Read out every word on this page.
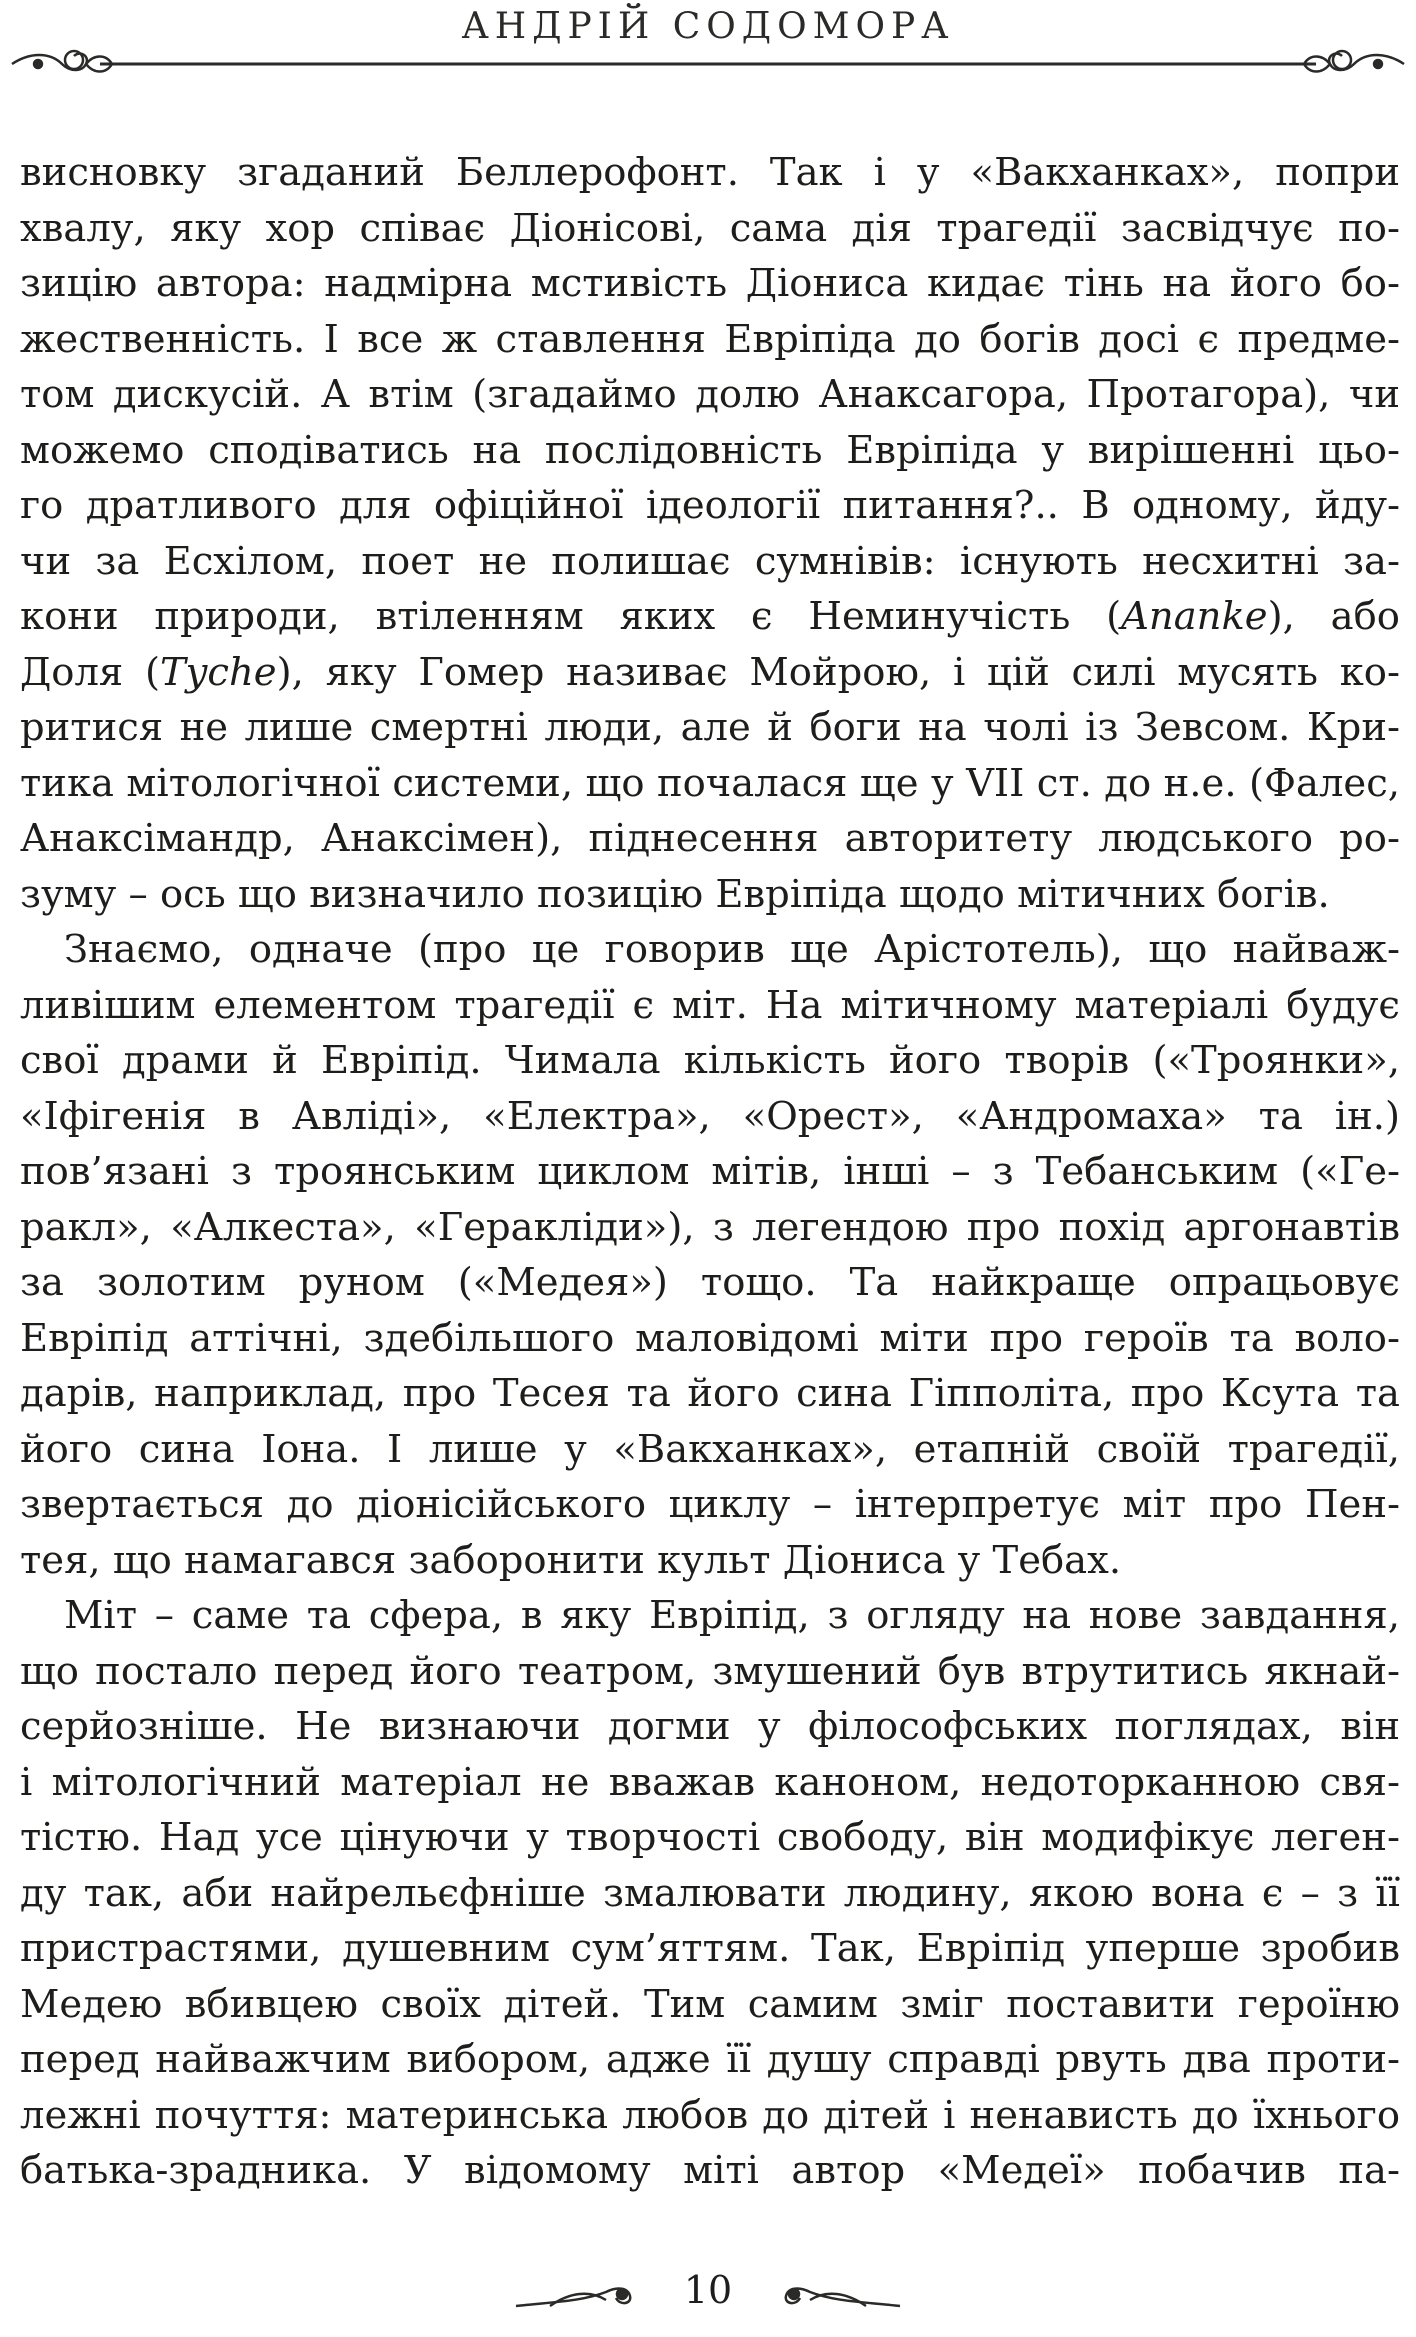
АНДРІЙ СОДОМОРА
висновку згаданий Беллерофонт. Так і у «Вакханках», попри
хвалу, яку хор співає Діонісові, сама дія трагедії засвідчує по-
зицію автора: надмірна мстивість Діониса кидає тінь на його бо-
жественність. І все ж ставлення Евріпіда до богів досі є предме-
том дискусій. А втім (згадаймо долю Анаксагора, Протагора), чи
можемо сподіватись на послідовність Евріпіда у вирішенні цьо-
го дратливого для офіційної ідеології питання?.. В одному, йду-
чи за Есхілом, поет не полишає сумнівів: існують несхитні за-
кони природи, втіленням яких є Неминучість (Ananke), або
Доля (Tyche), яку Гомер називає Мойрою, і цій силі мусять ко-
ритися не лише смертні люди, але й боги на чолі із Зевсом. Кри-
тика мітологічної системи, що почалася ще у VII ст. до н.е. (Фалес,
Анаксімандр, Анаксімен), піднесення авторитету людського ро-
зуму – ось що визначило позицію Евріпіда щодо мітичних богів.
Знаємо, одначе (про це говорив ще Арістотель), що найваж-
ливішим елементом трагедії є міт. На мітичному матеріалі будує
свої драми й Евріпід. Чимала кількість його творів («Троянки»,
«Іфігенія в Авліді», «Електра», «Орест», «Андромаха» та ін.)
пов’язані з троянським циклом мітів, інші – з Тебанським («Ге-
ракл», «Алкеста», «Гераклiди»), з легендою про похід аргонавтів
за золотим руном («Медея») тощо. Та найкраще опрацьовує
Евріпід аттічні, здебільшого маловідомі міти про героїв та воло-
дарів, наприклад, про Тесея та його сина Гіпполіта, про Ксута та
його сина Іона. І лише у «Вакханках», етапній своїй трагедії,
звертається до діонісійського циклу – інтерпретує міт про Пен-
тея, що намагався заборонити культ Діониса у Тебах.
Міт – саме та сфера, в яку Евріпід, з огляду на нове завдання,
що постало перед його театром, змушений був втрутитись якнай-
серйозніше. Не визнаючи догми у філософських поглядах, він
і мітологічний матеріал не вважав каноном, недоторканною свя-
тістю. Над усе цінуючи у творчості свободу, він модифікує леген-
ду так, аби найрельєфніше змалювати людину, якою вона є – з її
пристрастями, душевним сум’яттям. Так, Евріпід уперше зробив
Медею вбивцею своїх дітей. Тим самим зміг поставити героїню
перед найважчим вибором, адже її душу справді рвуть два проти-
лежні почуття: материнська любов до дітей і ненависть до їхнього
батька-зрадника. У відомому міті автор «Медеї» побачив па-
10
